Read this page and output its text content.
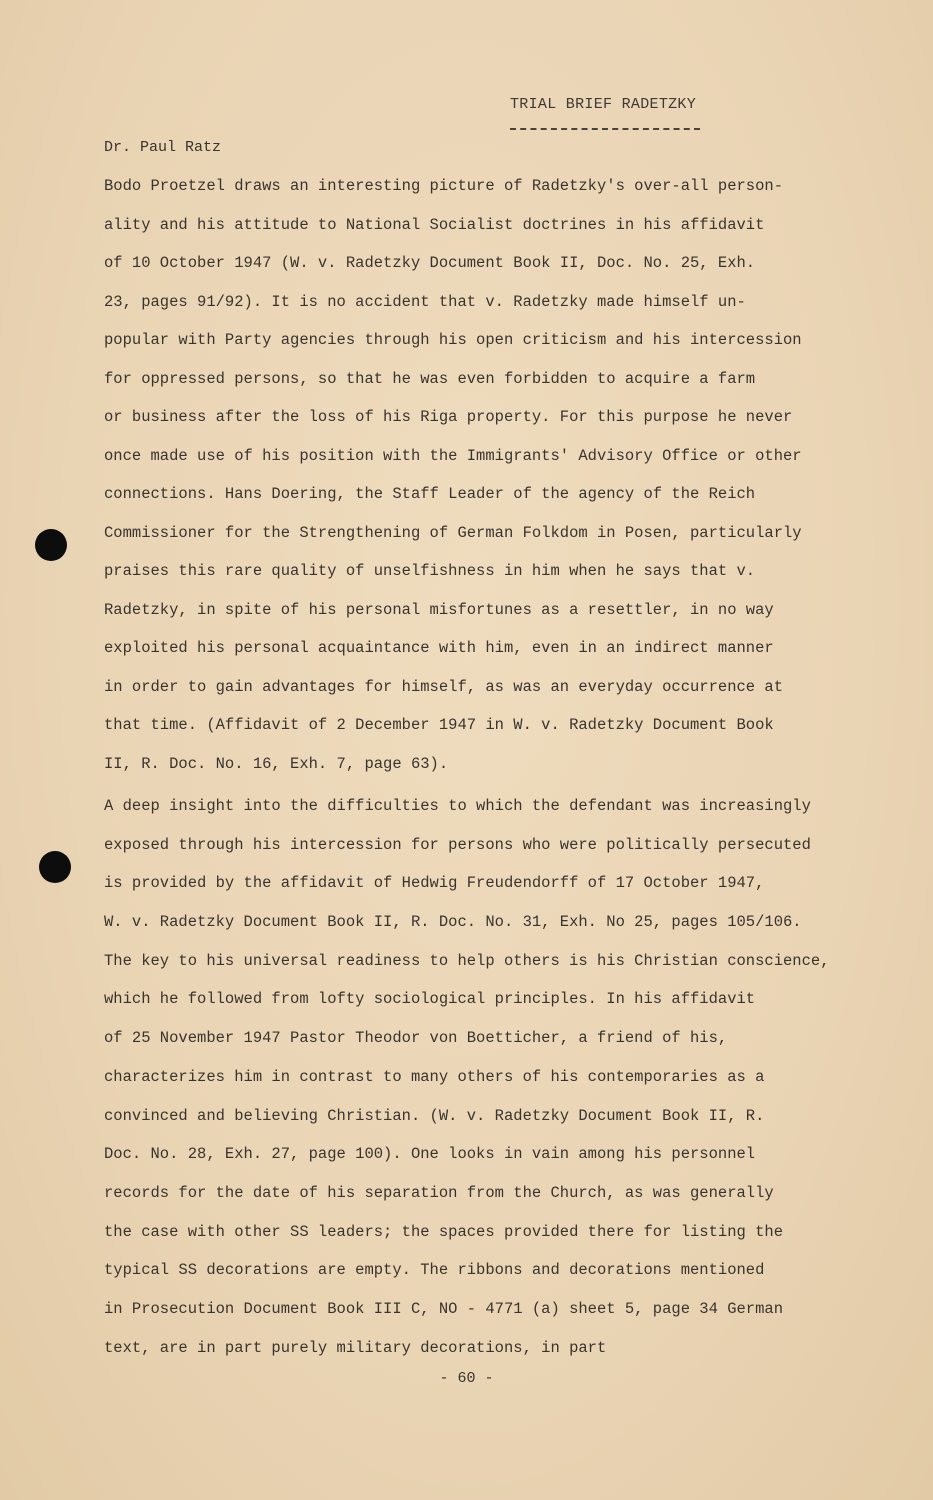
TRIAL BRIEF RADETZKY
Dr. Paul Ratz
Bodo Proetzel draws an interesting picture of Radetzky's over-all person-
ality and his attitude to National Socialist doctrines in his affidavit
of 10 October 1947 (W. v. Radetzky Document Book II, Doc. No. 25, Exh.
23, pages 91/92). It is no accident that v. Radetzky made himself un-
popular with Party agencies through his open criticism and his intercession
for oppressed persons, so that he was even forbidden to acquire a farm
or business after the loss of his Riga property. For this purpose he never
once made use of his position with the Immigrants' Advisory Office or other
connections. Hans Doering, the Staff Leader of the agency of the Reich
Commissioner for the Strengthening of German Folkdom in Posen, particularly
praises this rare quality of unselfishness in him when he says that v.
Radetzky, in spite of his personal misfortunes as a resettler, in no way
exploited his personal acquaintance with him, even in an indirect manner
in order to gain advantages for himself, as was an everyday occurrence at
that time. (Affidavit of 2 December 1947 in W. v. Radetzky Document Book
II, R. Doc. No. 16, Exh. 7, page 63).
A deep insight into the difficulties to which the defendant was increasingly
exposed through his intercession for persons who were politically persecuted
is provided by the affidavit of Hedwig Freudendorff of 17 October 1947,
W. v. Radetzky Document Book II, R. Doc. No. 31, Exh. No 25, pages 105/106.
The key to his universal readiness to help others is his Christian conscience,
which he followed from lofty sociological principles. In his affidavit
of 25 November 1947 Pastor Theodor von Boetticher, a friend of his,
characterizes him in contrast to many others of his contemporaries as a
convinced and believing Christian. (W. v. Radetzky Document Book II, R.
Doc. No. 28, Exh. 27, page 100). One looks in vain among his personnel
records for the date of his separation from the Church, as was generally
the case with other SS leaders; the spaces provided there for listing the
typical SS decorations are empty. The ribbons and decorations mentioned
in Prosecution Document Book III C, NO - 4771 (a) sheet 5, page 34 German
text, are in part purely military decorations, in part
- 60 -
